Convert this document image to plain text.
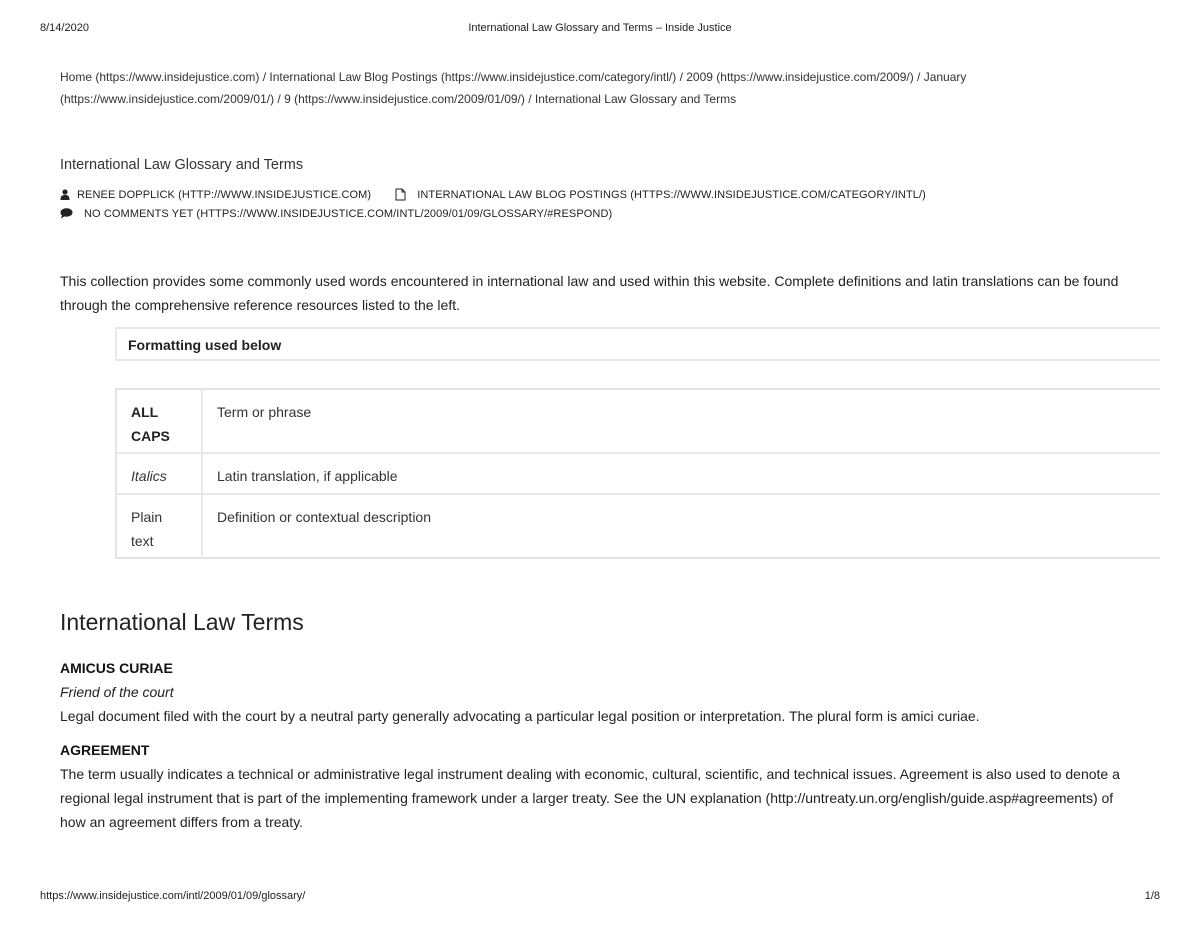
8/14/2020	International Law Glossary and Terms – Inside Justice
Home (https://www.insidejustice.com) / International Law Blog Postings (https://www.insidejustice.com/category/intl/) / 2009 (https://www.insidejustice.com/2009/) / January (https://www.insidejustice.com/2009/01/) / 9 (https://www.insidejustice.com/2009/01/09/) / International Law Glossary and Terms
International Law Glossary and Terms
RENEE DOPPLICK (HTTP://WWW.INSIDEJUSTICE.COM)	INTERNATIONAL LAW BLOG POSTINGS (HTTPS://WWW.INSIDEJUSTICE.COM/CATEGORY/INTL/)
NO COMMENTS YET (HTTPS://WWW.INSIDEJUSTICE.COM/INTL/2009/01/09/GLOSSARY/#RESPOND)
This collection provides some commonly used words encountered in international law and used within this website. Complete definitions and latin translations can be found through the comprehensive reference resources listed to the left.
Formatting used below
ALL CAPS	Term or phrase
Italics	Latin translation, if applicable
Plain text	Definition or contextual description
International Law Terms
AMICUS CURIAE
Friend of the court
Legal document filed with the court by a neutral party generally advocating a particular legal position or interpretation. The plural form is amici curiae.
AGREEMENT
The term usually indicates a technical or administrative legal instrument dealing with economic, cultural, scientific, and technical issues. Agreement is also used to denote a regional legal instrument that is part of the implementing framework under a larger treaty. See the UN explanation (http://untreaty.un.org/english/guide.asp#agreements) of how an agreement differs from a treaty.
https://www.insidejustice.com/intl/2009/01/09/glossary/	1/8
